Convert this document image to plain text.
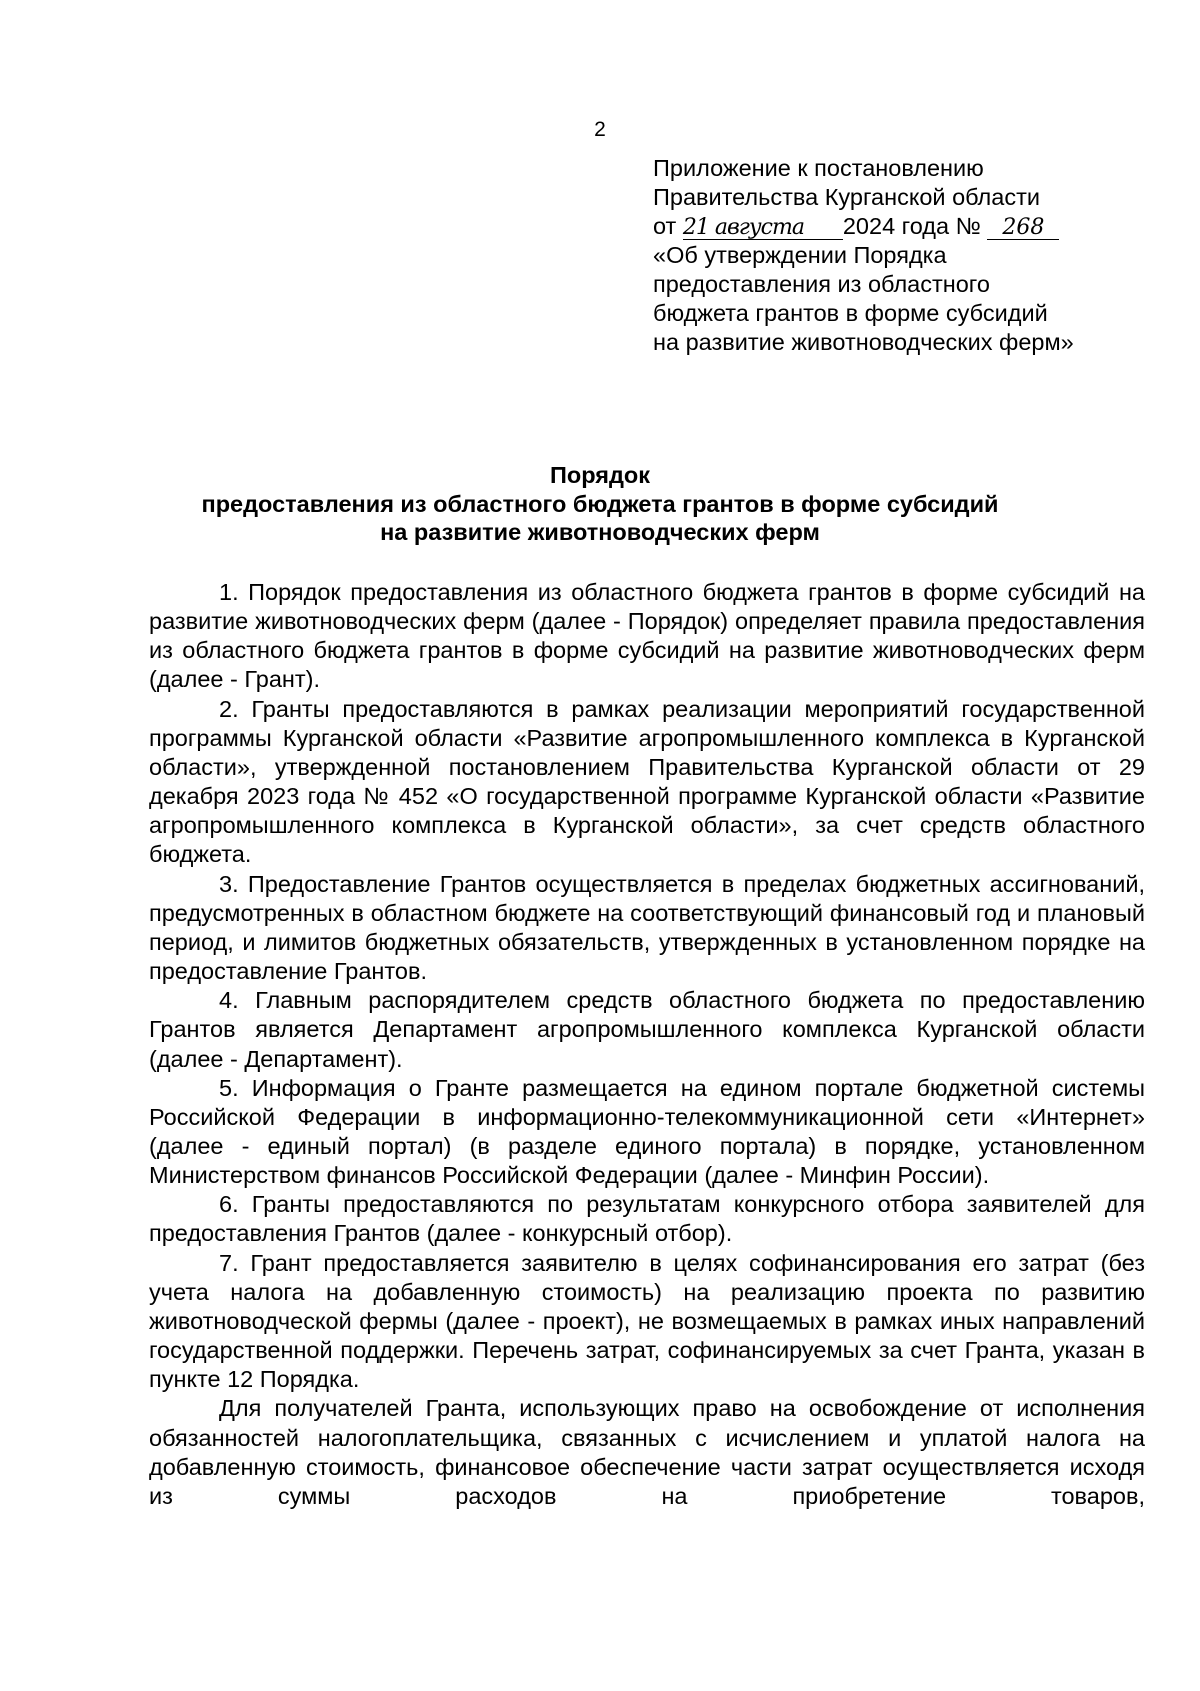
2
Приложение к постановлению
Правительства Курганской области
от 21 августа 2024 года № 268
«Об утверждении Порядка
предоставления из областного
бюджета грантов в форме субсидий
на развитие животноводческих ферм»
Порядок
предоставления из областного бюджета грантов в форме субсидий
на развитие животноводческих ферм

1. Порядок предоставления из областного бюджета грантов в форме субсидий на развитие животноводческих ферм (далее - Порядок) определяет правила предоставления из областного бюджета грантов в форме субсидий на развитие животноводческих ферм (далее - Грант).

2. Гранты предоставляются в рамках реализации мероприятий государственной программы Курганской области «Развитие агропромышленного комплекса в Курганской области», утвержденной постановлением Правительства Курганской области от 29 декабря 2023 года № 452 «О государственной программе Курганской области «Развитие агропромышленного комплекса в Курганской области», за счет средств областного бюджета.

3. Предоставление Грантов осуществляется в пределах бюджетных ассигнований, предусмотренных в областном бюджете на соответствующий финансовый год и плановый период, и лимитов бюджетных обязательств, утвержденных в установленном порядке на предоставление Грантов.

4. Главным распорядителем средств областного бюджета по предоставлению Грантов является Департамент агропромышленного комплекса Курганской области (далее - Департамент).

5. Информация о Гранте размещается на едином портале бюджетной системы Российской Федерации в информационно-телекоммуникационной сети «Интернет» (далее - единый портал) (в разделе единого портала) в порядке, установленном Министерством финансов Российской Федерации (далее - Минфин России).

6. Гранты предоставляются по результатам конкурсного отбора заявителей для предоставления Грантов (далее - конкурсный отбор).

7. Грант предоставляется заявителю в целях софинансирования его затрат (без учета налога на добавленную стоимость) на реализацию проекта по развитию животноводческой фермы (далее - проект), не возмещаемых в рамках иных направлений государственной поддержки. Перечень затрат, софинансируемых за счет Гранта, указан в пункте 12 Порядка.

Для получателей Гранта, использующих право на освобождение от исполнения обязанностей налогоплательщика, связанных с исчислением и уплатой налога на добавленную стоимость, финансовое обеспечение части затрат осуществляется исходя из суммы расходов на приобретение товаров,
